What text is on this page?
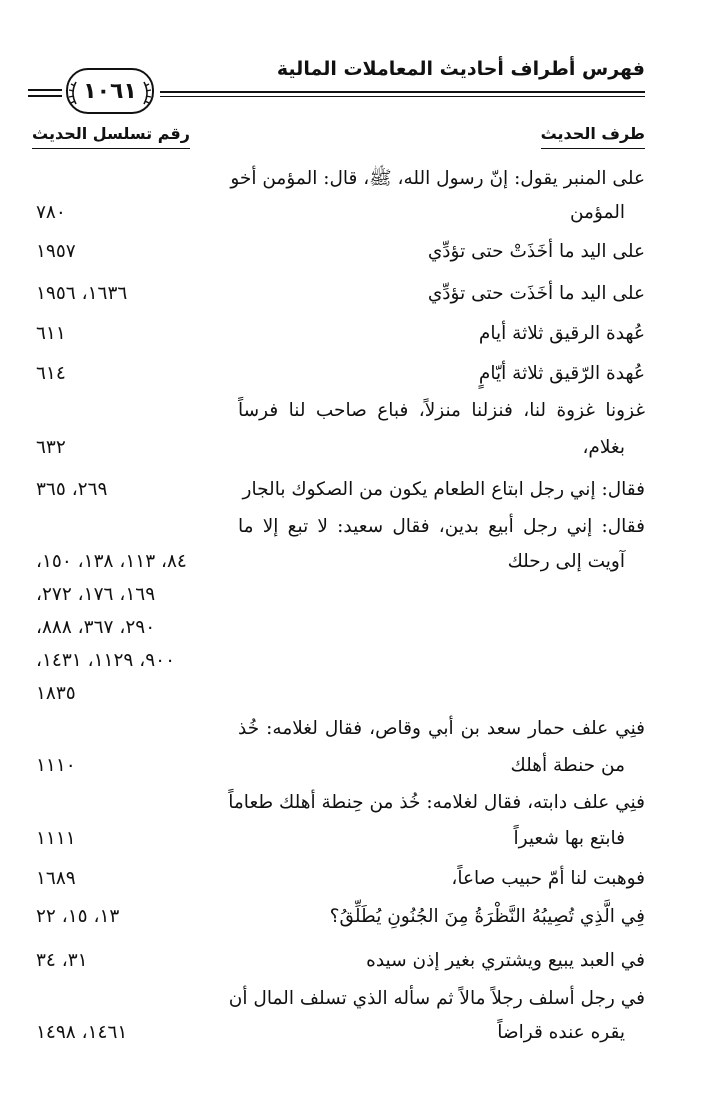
فهرس أطراف أحاديث المعاملات المالية
١٠٦١
طرف الحديث
رقم تسلسل الحديث
على المنبر يقول: إنّ رسول الله، ﷺ، قال: المؤمن أخو
المؤمن
٧٨٠
على اليد ما أخَذَتْ حتى تؤدِّي
١٩٥٧
على اليد ما أخَذَت حتى تؤدِّي
١٦٣٦، ١٩٥٦
عُهدة الرقيق ثلاثة أيام
٦١١
عُهدة الرّقيق ثلاثة أيّامٍ
٦١٤
غزونا غزوة لنا، فنزلنا منزلاً، فباع صاحب لنا فرساً
بغلام،
٦٣٢
فقال: إني رجل ابتاع الطعام يكون من الصكوك بالجار
٢٦٩، ٣٦٥
فقال: إني رجل أبيع بدين، فقال سعيد: لا تبع إلا ما
آويت إلى رحلك
٨٤، ١١٣، ١٣٨، ١٥٠،
١٦٩، ١٧٦، ٢٧٢،
٢٩٠، ٣٦٧، ٨٨٨،
٩٠٠، ١١٢٩، ١٤٣١،
١٨٣٥
فنِي علف حمار سعد بن أبي وقاص، فقال لغلامه: خُذ
من حنطة أهلك
١١١٠
فنِي علف دابته، فقال لغلامه: خُذ من حِنطة أهلك طعاماً
فابتع بها شعيراً
١١١١
فوهبت لنا أمّ حبيب صاعاً،
١٦٨٩
فِي الَّذِي تُصِيبُهُ النَّظْرَةُ مِنَ الجُنُونِ يُطَلِّقُ؟
١٣، ١٥، ٢٢
في العبد يبيع ويشتري بغير إذن سيده
٣١، ٣٤
في رجل أسلف رجلاً مالاً ثم سأله الذي تسلف المال أن
يقره عنده قراضاً
١٤٦١، ١٤٩٨
